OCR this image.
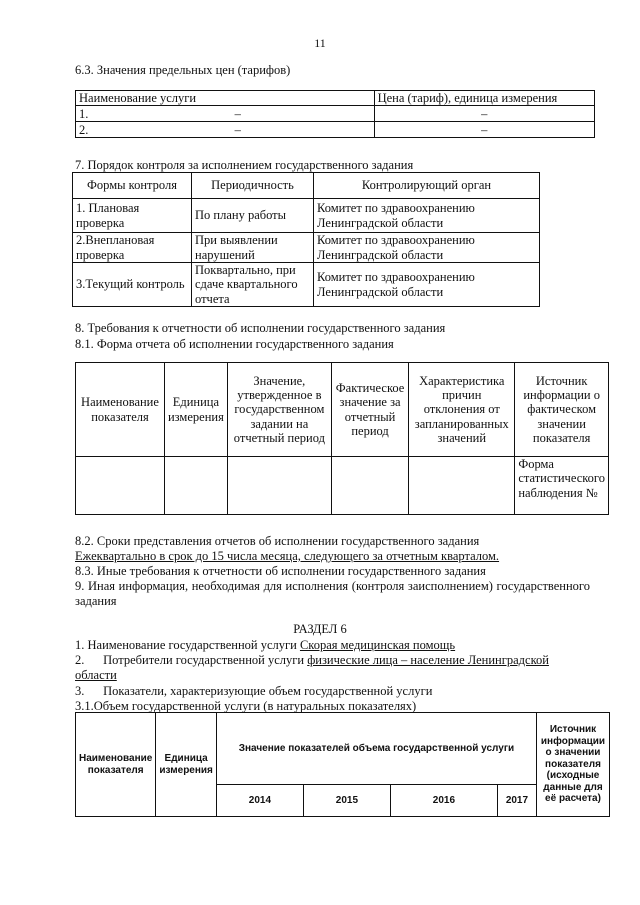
11
6.3. Значения предельных цен (тарифов)
Наименование услуги		Цена (тариф), единица измерения
1.	–	–
2.	–	–
7. Порядок контроля за исполнением государственного задания
Формы контроля	Периодичность	Контролирующий орган
1. Плановая проверка	По плану работы	Комитет по здравоохранению Ленинградской области
2.Внеплановая проверка	При выявлении нарушений	Комитет по здравоохранению Ленинградской области
3.Текущий контроль	Поквартально, при сдаче квартального отчета	Комитет по здравоохранению Ленинградской области
8. Требования к отчетности об исполнении государственного задания
8.1. Форма отчета об исполнении государственного задания
Наименование показателя	Единица измерения	Значение, утвержденное в государственном задании на отчетный период	Фактическое значение за отчетный период	Характеристика причин отклонения от запланированных значений	Источник информации о фактическом значении показателя
					Форма статистического наблюдения №
8.2. Сроки представления отчетов об исполнении государственного задания
Ежеквартально в срок до 15 числа месяца, следующего за отчетным кварталом.
8.3. Иные требования к отчетности об исполнении государственного задания
9. Иная информация, необходимая для исполнения (контроля заисполнением) государственного задания
РАЗДЕЛ 6
1. Наименование государственной услуги Скорая медицинская помощь
2.      Потребители государственной услуги физические лица – население Ленинградской области
3.      Показатели, характеризующие объем государственной услуги
3.1.Объем государственной услуги (в натуральных показателях)
Наименование показателя	Единица измерения	Значение показателей объема государственной услуги				Источник информации о значении показателя (исходные данные для её расчета)
		2014	2015	2016	2017	
